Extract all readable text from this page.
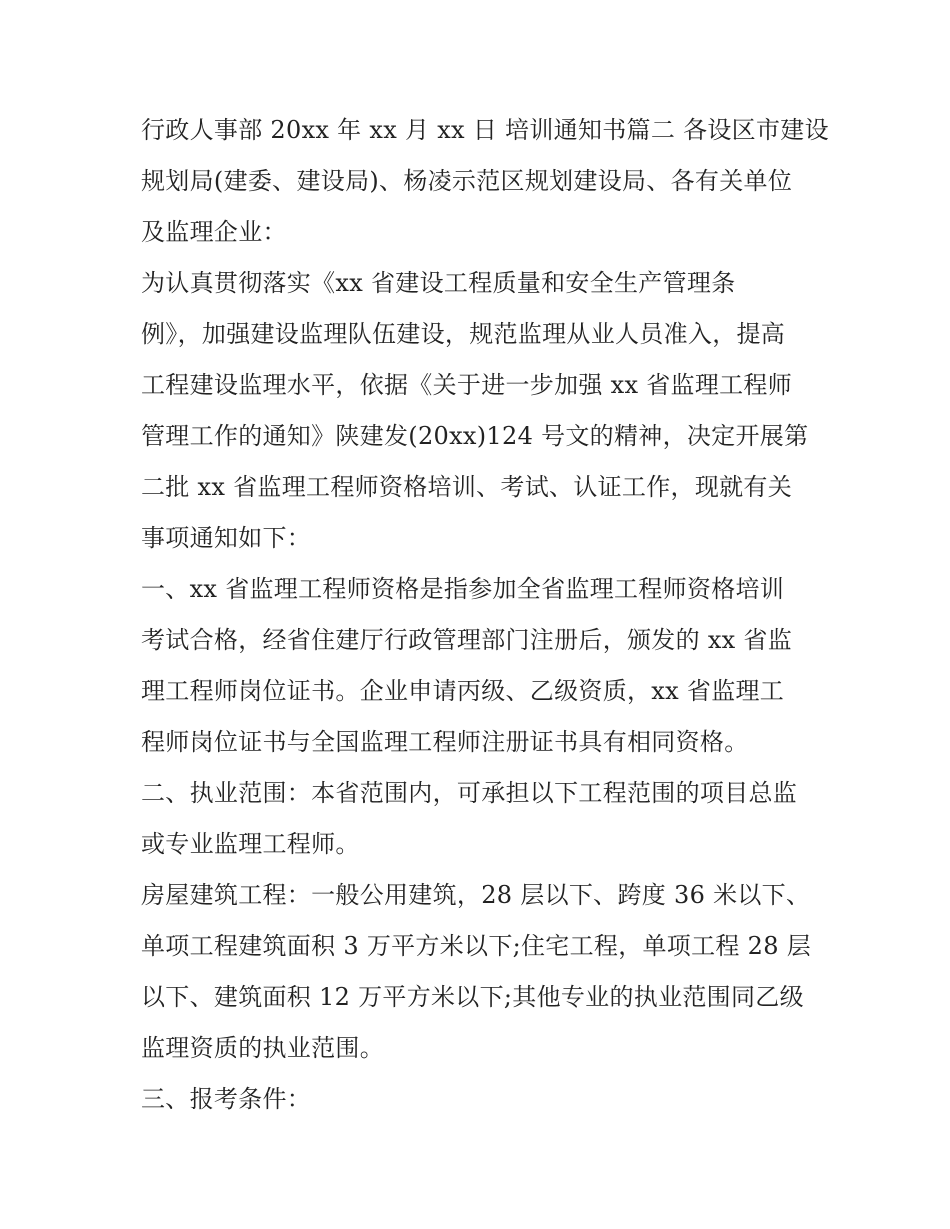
行政人事部 20xx 年 xx 月 xx 日 培训通知书篇二 各设区市建设
规划局(建委、建设局)、杨凌示范区规划建设局、各有关单位
及监理企业：
为认真贯彻落实《xx 省建设工程质量和安全生产管理条
例》，加强建设监理队伍建设，规范监理从业人员准入，提高
工程建设监理水平，依据《关于进一步加强 xx 省监理工程师
管理工作的通知》陕建发(20xx)124 号文的精神，决定开展第
二批 xx 省监理工程师资格培训、考试、认证工作，现就有关
事项通知如下：
一、xx 省监理工程师资格是指参加全省监理工程师资格培训
考试合格，经省住建厅行政管理部门注册后，颁发的 xx 省监
理工程师岗位证书。企业申请丙级、乙级资质，xx 省监理工
程师岗位证书与全国监理工程师注册证书具有相同资格。
二、执业范围：本省范围内，可承担以下工程范围的项目总监
或专业监理工程师。
房屋建筑工程：一般公用建筑，28 层以下、跨度 36 米以下、
单项工程建筑面积 3 万平方米以下;住宅工程，单项工程 28 层
以下、建筑面积 12 万平方米以下;其他专业的执业范围同乙级
监理资质的执业范围。
三、报考条件：
